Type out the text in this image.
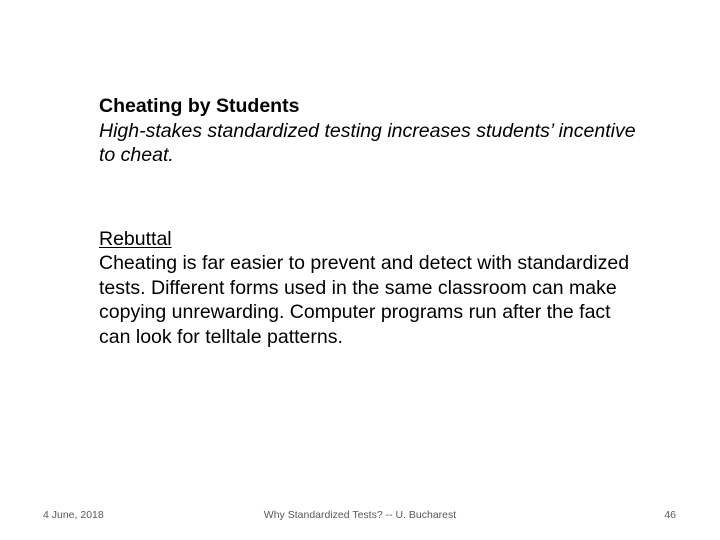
Cheating by Students
High-stakes standardized testing increases students’ incentive to cheat.
Rebuttal
Cheating is far easier to prevent and detect with standardized tests. Different forms used in the same classroom can make copying unrewarding. Computer programs run after the fact can look for telltale patterns.
4 June, 2018	Why Standardized Tests? -- U. Bucharest	46
